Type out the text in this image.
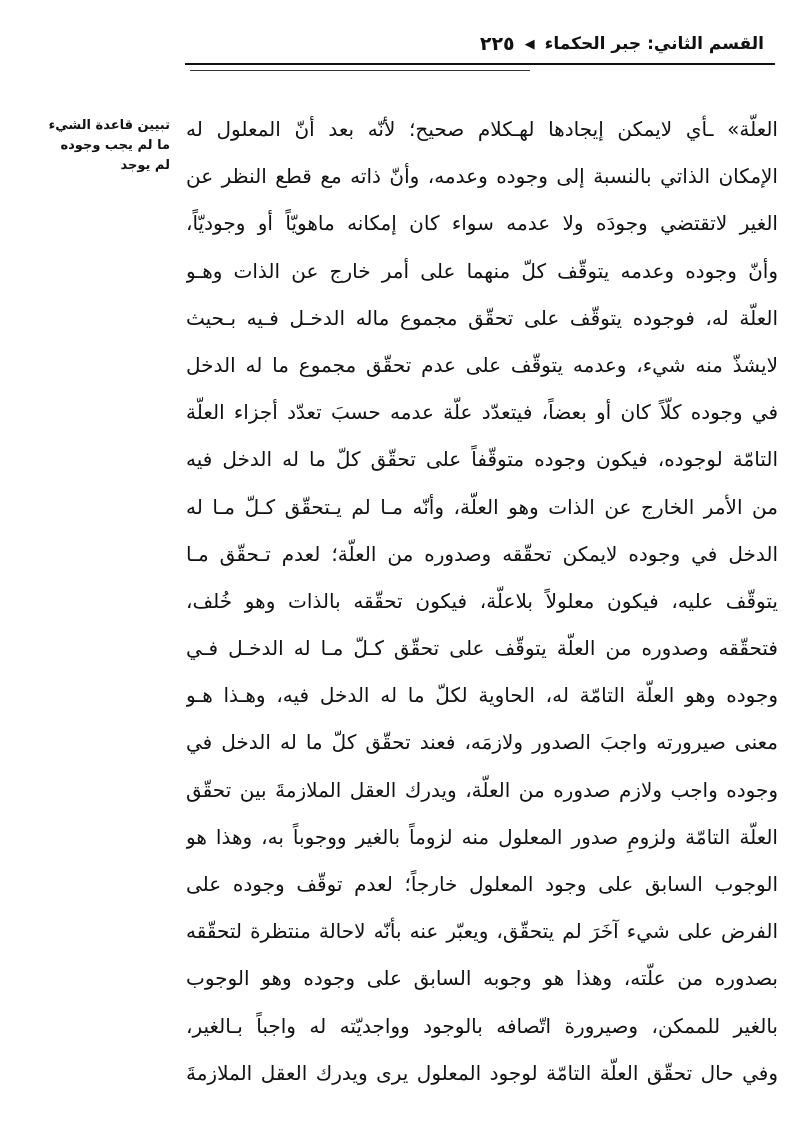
القسم الثاني: جبر الحكماء
◀
٢٢٥
تبيين قاعدة الشيء
ما لم يجب وجوده
لم يوجد
العلّة» ـأي لايمكن إيجادها لهـكلام صحيح؛ لأنّه بعد أنّ المعلول له
الإمكان الذاتي بالنسبة إلى وجوده وعدمه، وأنّ ذاته مع قطع النظر عن
الغير لاتقتضي وجودَه ولا عدمه سواء كان إمكانه ماهويّاً أو وجوديّاً،
وأنّ وجوده وعدمه يتوقّف كلّ منهما على أمر خارج عن الذات وهـو
العلّة له، فوجوده يتوقّف على تحقّق مجموع ماله الدخـل فـيه بـحيث
لايشذّ منه شيء، وعدمه يتوقّف على عدم تحقّق مجموع ما له الدخل
في وجوده كلّاً كان أو بعضاً، فيتعدّد علّة عدمه حسبَ تعدّد أجزاء العلّة
التامّة لوجوده، فيكون وجوده متوقّفاً على تحقّق كلّ ما له الدخل فيه
من الأمر الخارج عن الذات وهو العلّة، وأنّه مـا لم يـتحقّق كـلّ مـا له
الدخل في وجوده لايمكن تحقّقه وصدوره من العلّة؛ لعدم تـحقّق مـا
يتوقّف عليه، فيكون معلولاً بلاعلّة، فيكون تحقّقه بالذات وهو خُلف،
فتحقّقه وصدوره من العلّة يتوقّف على تحقّق كـلّ مـا له الدخـل فـي
وجوده وهو العلّة التامّة له، الحاوية لكلّ ما له الدخل فيه، وهـذا هـو
معنى صيرورته واجبَ الصدور ولازمَه، فعند تحقّق كلّ ما له الدخل في
وجوده واجب ولازم صدوره من العلّة، ويدرك العقل الملازمةَ بين تحقّق
العلّة التامّة ولزومِ صدور المعلول منه لزوماً بالغير ووجوباً به، وهذا هو
الوجوب السابق على وجود المعلول خارجاً؛ لعدم توقّف وجوده على
الفرض على شيء آخَرَ لم يتحقّق، ويعبّر عنه بأنّه لاحالة منتظرة لتحقّقه
بصدوره من علّته، وهذا هو وجوبه السابق على وجوده وهو الوجوب
بالغير للممكن، وصيرورة اتّصافه بالوجود وواجديّته له واجباً بـالغير،
وفي حال تحقّق العلّة التامّة لوجود المعلول يرى ويدرك العقل الملازمةَ
